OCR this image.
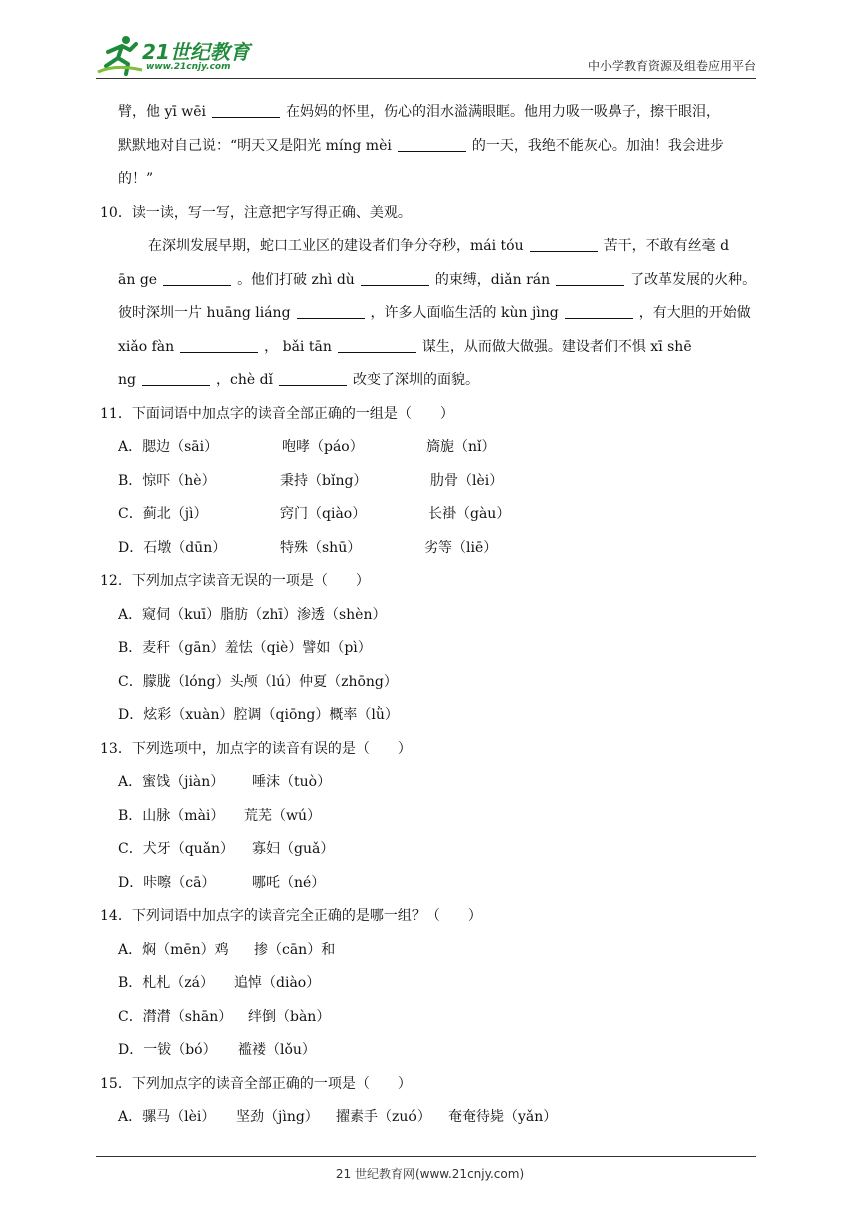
21世纪教育
www.21cnjy.com	中小学教育资源及组卷应用平台
臂，他 yī wēi	在妈妈的怀里，伤心的泪水溢满眼眶。他用力吸一吸鼻子，擦干眼泪，
默默地对自己说：“明天又是阳光 míng mèi	的一天，我绝不能灰心。加油！我会进步
的！”
10．读一读，写一写，注意把字写得正确、美观。
在深圳发展早期，蛇口工业区的建设者们争分夺秒，mái tóu	苦干，不敢有丝毫 d
ān ge	。他们打破 zhì dù	的束缚，diǎn rán	了改革发展的火种。
彼时深圳一片 huāng liáng	，许多人面临生活的 kùn jìng	，有大胆的开始做
xiǎo fàn	， bǎi tān	谋生，从而做大做强。建设者们不惧 xī shē
ng	，chè dǐ	改变了深圳的面貌。
11．下面词语中加点字的读音全部正确的一组是（　　）
A．腮边（sāi）	咆哮（páo）	旖旎（nǐ）
B．惊吓（hè）	秉持（bǐng）	肋骨（lèi）
C．蓟北（jì）	窍门（qiào）	长褂（gàu）
D．石墩（dūn）	特殊（shū）	劣等（liē）
12．下列加点字读音无误的一项是（　　）
A．窥伺（kuī）脂肪（zhī）渗透（shèn）
B．麦秆（gān）羞怯（qiè）譬如（pì）
C．朦胧（lóng）头颅（lú）仲夏（zhōng）
D．炫彩（xuàn）腔调（qiōng）概率（lǜ）
13．下列选项中，加点字的读音有误的是（　　）
A．蜜饯（jiàn） 唾沫（tuò）
B．山脉（mài） 荒芜（wú）
C．犬牙（quǎn） 寡妇（guǎ）
D．咔嚓（cā）	哪吒（né）
14．下列词语中加点字的读音完全正确的是哪一组？（　　）
A．焖（mēn）鸡 掺（cān）和
B．札札（zá） 追悼（diào）
C．潸潸（shān） 绊倒（bàn）
D．一钹（bó） 褴褛（lǒu）
15．下列加点字的读音全部正确的一项是（　　）
A．骡马（lèi） 坚劲（jìng） 擢素手（zuó） 奄奄待毙（yǎn）
21 世纪教育网(www.21cnjy.com)
